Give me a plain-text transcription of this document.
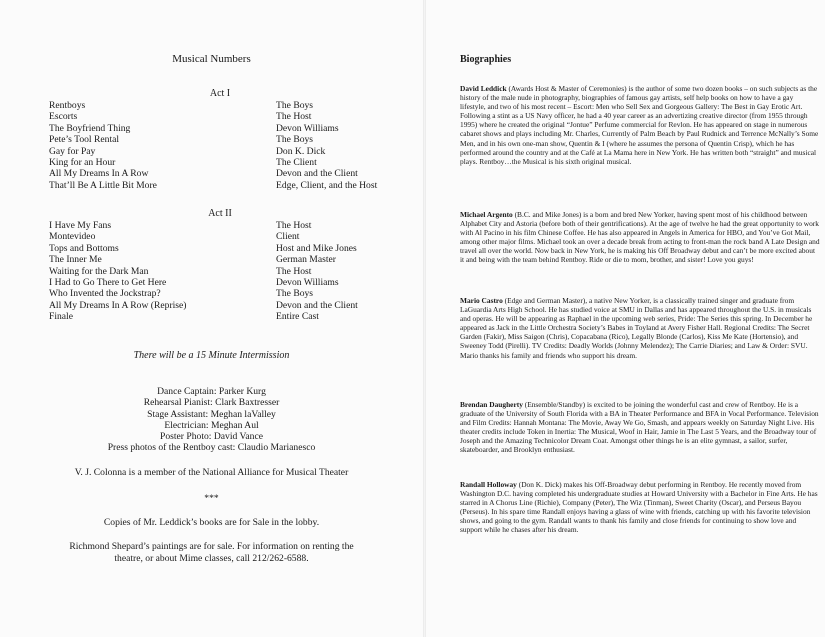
Musical Numbers
Act I
Rentboys	The Boys
Escorts	The Host
The Boyfriend Thing	Devon Williams
Pete’s Tool Rental	The Boys
Gay for Pay	Don K. Dick
King for an Hour	The Client
All My Dreams In A Row	Devon and the Client
That’ll Be A Little Bit More	Edge, Client, and the Host
Act II
I Have My Fans	The Host
Montevideo	Client
Tops and Bottoms	Host and Mike Jones
The Inner Me	German Master
Waiting for the Dark Man	The Host
I Had to Go There to Get Here	Devon Williams
Who Invented the Jockstrap?	The Boys
All My Dreams In A Row (Reprise)	Devon and the Client
Finale	Entire Cast
There will be a 15 Minute Intermission
Dance Captain: Parker Kurg
Rehearsal Pianist: Clark Baxtresser
Stage Assistant: Meghan laValley
Electrician: Meghan Aul
Poster Photo: David Vance
Press photos of the Rentboy cast: Claudio Marianesco
V. J. Colonna is a member of the National Alliance for Musical Theater
***
Copies of Mr. Leddick’s books are for Sale in the lobby.
Richmond Shepard’s paintings are for sale. For information on renting the
theatre, or about Mime classes, call 212/262-6588.
Biographies

David Leddick (Awards Host & Master of Ceremonies) is the author of some two dozen books – on such subjects as the history of the male nude in photography, biographies of famous gay artists, self help books on how to have a gay lifestyle, and two of his most recent – Escort: Men who Sell Sex and Gorgeous Gallery: The Best in Gay Erotic Art. Following a stint as a US Navy officer, he had a 40 year career as an advertizing creative director (from 1955 through 1995) where he created the original “Jontue” Perfume commercial for Revlon. He has appeared on stage in numerous cabaret shows and plays including Mr. Charles, Currently of Palm Beach by Paul Rudnick and Terrence McNally’s Some Men, and in his own one-man show, Quentin & I (where he assumes the persona of Quentin Crisp), which he has performed around the country and at the Café at La Mama here in New York. He has written both “straight” and musical plays. Rentboy…the Musical is his sixth original musical.

Michael Argento (B.C. and Mike Jones) is a born and bred New Yorker, having spent most of his childhood between Alphabet City and Astoria (before both of their gentrifications). At the age of twelve he had the great opportunity to work with Al Pacino in his film Chinese Coffee. He has also appeared in Angels in America for HBO, and You’ve Got Mail, among other major films. Michael took an over a decade break from acting to front-man the rock band A Late Design and travel all over the world. Now back in New York, he is making his Off Broadway debut and can’t be more excited about it and being with the team behind Rentboy. Ride or die to mom, brother, and sister! Love you guys!

Mario Castro (Edge and German Master), a native New Yorker, is a classically trained singer and graduate from LaGuardia Arts High School. He has studied voice at SMU in Dallas and has appeared throughout the U.S. in musicals and operas. He will be appearing as Raphael in the upcoming web series, Pride: The Series this spring. In December he appeared as Jack in the Little Orchestra Society’s Babes in Toyland at Avery Fisher Hall. Regional Credits: The Secret Garden (Fakir), Miss Saigon (Chris), Copacabana (Rico), Legally Blonde (Carlos), Kiss Me Kate (Hortensio), and Sweeney Todd (Pirelli). TV Credits: Deadly Worlds (Johnny Melendez); The Carrie Diaries; and Law & Order: SVU. Mario thanks his family and friends who support his dream.

Brendan Daugherty (Ensemble/Standby) is excited to be joining the wonderful cast and crew of Rentboy. He is a graduate of the University of South Florida with a BA in Theater Performance and BFA in Vocal Performance. Television and Film Credits: Hannah Montana: The Movie, Away We Go, Smash, and appears weekly on Saturday Night Live. His theater credits include Token in Inertia: The Musical, Woof in Hair, Jamie in The Last 5 Years, and the Broadway tour of Joseph and the Amazing Technicolor Dream Coat. Amongst other things he is an elite gymnast, a sailor, surfer, skateboarder, and Brooklyn enthusiast.

Randall Holloway (Don K. Dick) makes his Off-Broadway debut performing in Rentboy. He recently moved from Washington D.C. having completed his undergraduate studies at Howard University with a Bachelor in Fine Arts. He has starred in A Chorus Line (Richie), Company (Peter), The Wiz (Tinman), Sweet Charity (Oscar), and Perseus Bayou (Perseus). In his spare time Randall enjoys having a glass of wine with friends, catching up with his favorite television shows, and going to the gym. Randall wants to thank his family and close friends for continuing to show love and support while he chases after his dream.
